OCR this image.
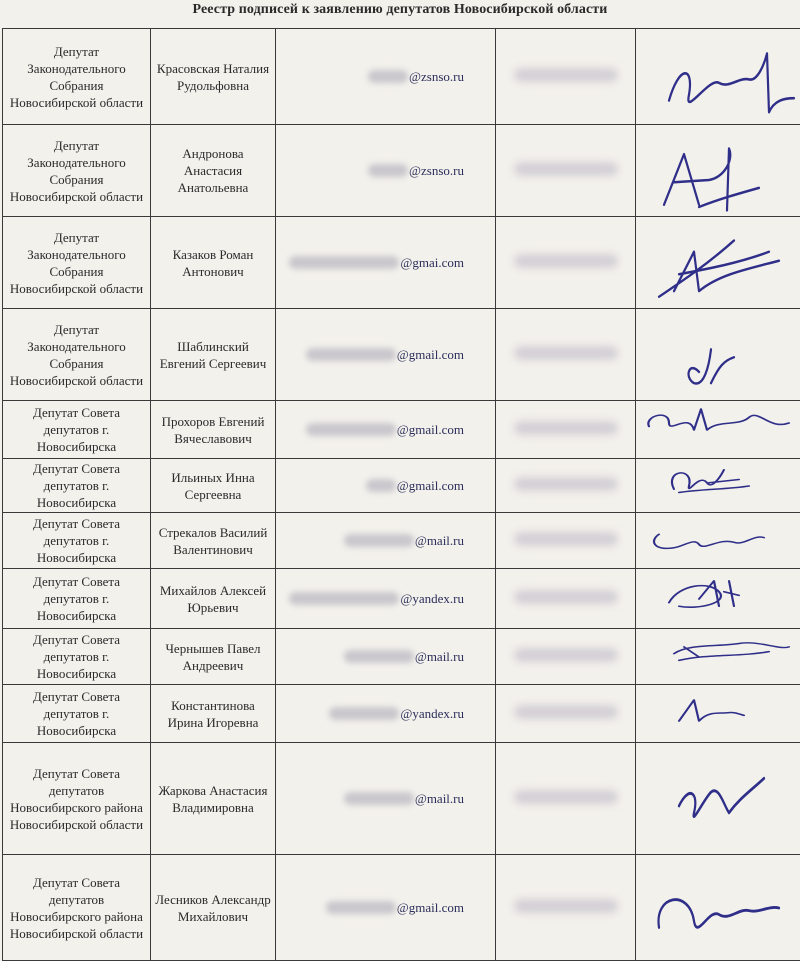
Реестр подписей к заявлению депутатов Новосибирской области
Депутат Законодательного Собрания Новосибирской области	Красовская Наталия Рудольфовна	@zsnso.ru

Депутат Законодательного Собрания Новосибирской области	Андронова Анастасия Анатольевна	@zsnso.ru

Депутат Законодательного Собрания Новосибирской области	Казаков Роман Антонович	@gmai.com

Депутат Законодательного Собрания Новосибирской области	Шаблинский Евгений Сергеевич	@gmail.com

Депутат Совета депутатов г. Новосибирска	Прохоров Евгений Вячеславович	@gmail.com

Депутат Совета депутатов г. Новосибирска	Ильиных Инна Сергеевна	@gmail.com

Депутат Совета депутатов г. Новосибирска	Стрекалов Василий Валентинович	@mail.ru

Депутат Совета депутатов г. Новосибирска	Михайлов Алексей Юрьевич	@yandex.ru

Депутат Совета депутатов г. Новосибирска	Чернышев Павел Андреевич	@mail.ru

Депутат Совета депутатов г. Новосибирска	Константинова Ирина Игоревна	@yandex.ru

Депутат Совета депутатов Новосибирского района Новосибирской области	Жаркова Анастасия Владимировна	@mail.ru

Депутат Совета депутатов Новосибирского района Новосибирской области	Лесников Александр Михайлович	@gmail.com
